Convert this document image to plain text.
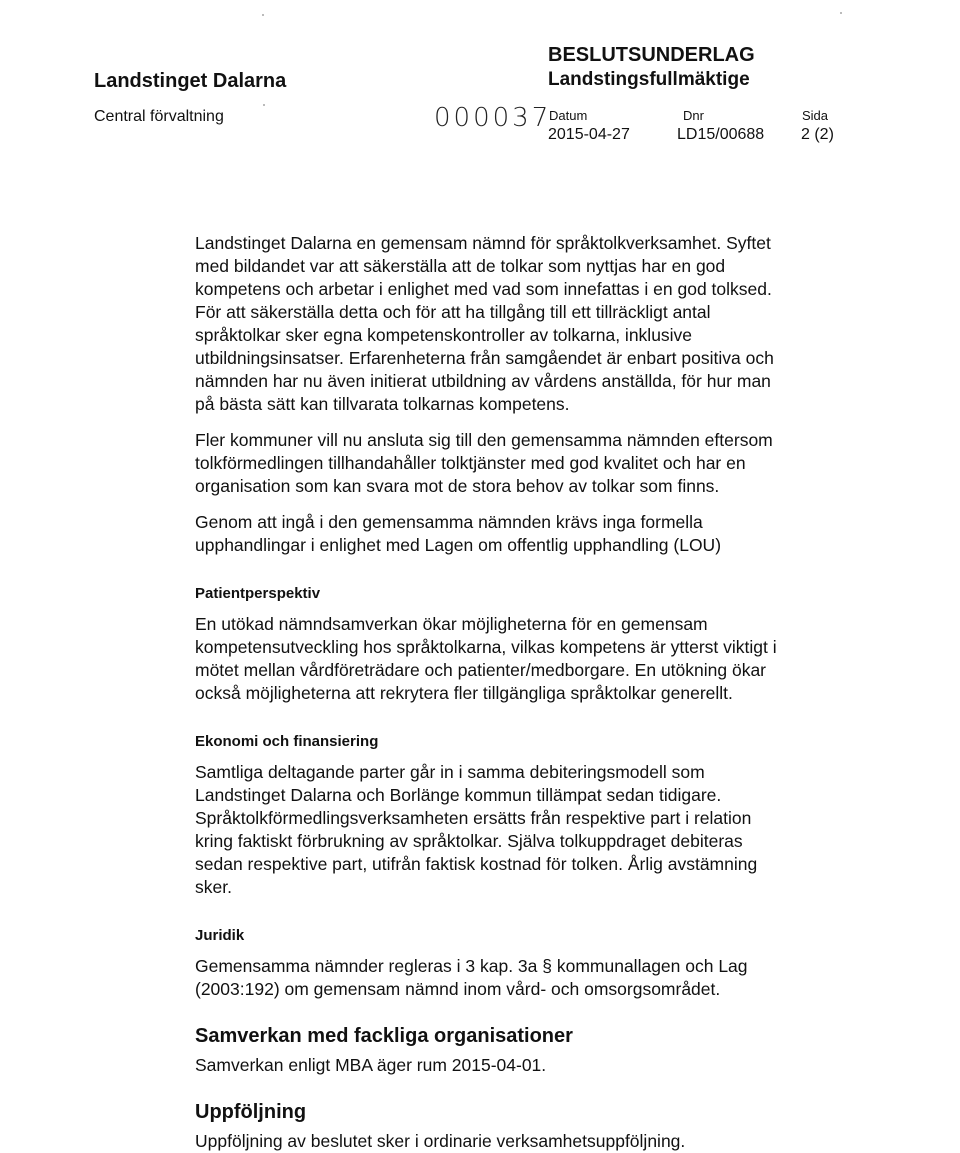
Landstinget Dalarna
Central förvaltning
BESLUTSUNDERLAG
Landstingsfullmäktige
000037
Datum	Dnr	Sida
2015-04-27	LD15/00688 2 (2)

Landstinget Dalarna en gemensam nämnd för språktolkverksamhet. Syftet
med bildandet var att säkerställa att de tolkar som nyttjas har en god
kompetens och arbetar i enlighet med vad som innefattas i en god tolksed.
För att säkerställa detta och för att ha tillgång till ett tillräckligt antal
språktolkar sker egna kompetenskontroller av tolkarna, inklusive
utbildningsinsatser. Erfarenheterna från samgåendet är enbart positiva och
nämnden har nu även initierat utbildning av vårdens anställda, för hur man
på bästa sätt kan tillvarata tolkarnas kompetens.

Fler kommuner vill nu ansluta sig till den gemensamma nämnden eftersom
tolkförmedlingen tillhandahåller tolktjänster med god kvalitet och har en
organisation som kan svara mot de stora behov av tolkar som finns.

Genom att ingå i den gemensamma nämnden krävs inga formella
upphandlingar i enlighet med Lagen om offentlig upphandling (LOU)

Patientperspektiv

En utökad nämndsamverkan ökar möjligheterna för en gemensam
kompetensutveckling hos språktolkarna, vilkas kompetens är ytterst viktigt i
mötet mellan vårdföreträdare och patienter/medborgare. En utökning ökar
också möjligheterna att rekrytera fler tillgängliga språktolkar generellt.

Ekonomi och finansiering

Samtliga deltagande parter går in i samma debiteringsmodell som
Landstinget Dalarna och Borlänge kommun tillämpat sedan tidigare.
Språktolkförmedlingsverksamheten ersätts från respektive part i relation
kring faktiskt förbrukning av språktolkar. Själva tolkuppdraget debiteras
sedan respektive part, utifrån faktisk kostnad för tolken. Årlig avstämning
sker.

Juridik

Gemensamma nämnder regleras i 3 kap. 3a § kommunallagen och Lag
(2003:192) om gemensam nämnd inom vård- och omsorgsområdet.

Samverkan med fackliga organisationer

Samverkan enligt MBA äger rum 2015-04-01.

Uppföljning

Uppföljning av beslutet sker i ordinarie verksamhetsuppföljning.
